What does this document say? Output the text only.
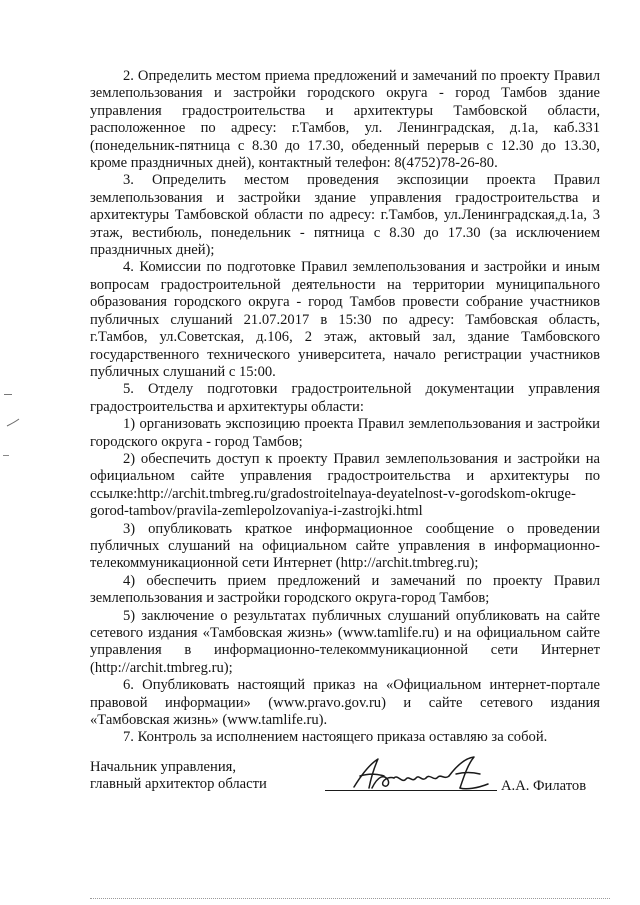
2. Определить местом приема предложений и замечаний по проекту Правил землепользования и застройки городского округа - город Тамбов здание управления градостроительства и архитектуры Тамбовской области, расположенное по адресу: г.Тамбов, ул. Ленинградская, д.1а, каб.331 (понедельник-пятница с 8.30 до 17.30, обеденный перерыв с 12.30 до 13.30, кроме праздничных дней), контактный телефон: 8(4752)78-26-80.

3. Определить местом проведения экспозиции проекта Правил землепользования и застройки здание управления градостроительства и архитектуры Тамбовской области по адресу: г.Тамбов, ул.Ленинградская,д.1а, 3 этаж, вестибюль, понедельник - пятница с 8.30 до 17.30 (за исключением праздничных дней);

4. Комиссии по подготовке Правил землепользования и застройки и иным вопросам градостроительной деятельности на территории муниципального образования городского округа - город Тамбов провести собрание участников публичных слушаний 21.07.2017 в 15:30 по адресу: Тамбовская область, г.Тамбов, ул.Советская, д.106, 2 этаж, актовый зал, здание Тамбовского государственного технического университета, начало регистрации участников публичных слушаний с 15:00.

5. Отделу подготовки градостроительной документации управления градостроительства и архитектуры области:

1) организовать экспозицию проекта Правил землепользования и застройки городского округа - город Тамбов;

2) обеспечить доступ к проекту Правил землепользования и застройки на официальном сайте управления градостроительства и архитектуры по ссылке:http://archit.tmbreg.ru/gradostroitelnaya-deyatelnost-v-gorodskom-okruge-gorod-tambov/pravila-zemlepolzovaniya-i-zastrojki.html

3) опубликовать краткое информационное сообщение о проведении публичных слушаний на официальном сайте управления в информационно-телекоммуникационной сети Интернет (http://archit.tmbreg.ru);

4) обеспечить прием предложений и замечаний по проекту Правил землепользования и застройки городского округа-город Тамбов;

5) заключение о результатах публичных слушаний опубликовать на сайте сетевого издания «Тамбовская жизнь» (www.tamlife.ru) и на официальном сайте управления в информационно-телекоммуникационной сети Интернет (http://archit.tmbreg.ru);

6. Опубликовать настоящий приказ на «Официальном интернет-портале правовой информации» (www.pravo.gov.ru) и сайте сетевого издания «Тамбовская жизнь» (www.tamlife.ru).

7. Контроль за исполнением настоящего приказа оставляю за собой.

Начальник управления,
главный архитектор области	А.А. Филатов
